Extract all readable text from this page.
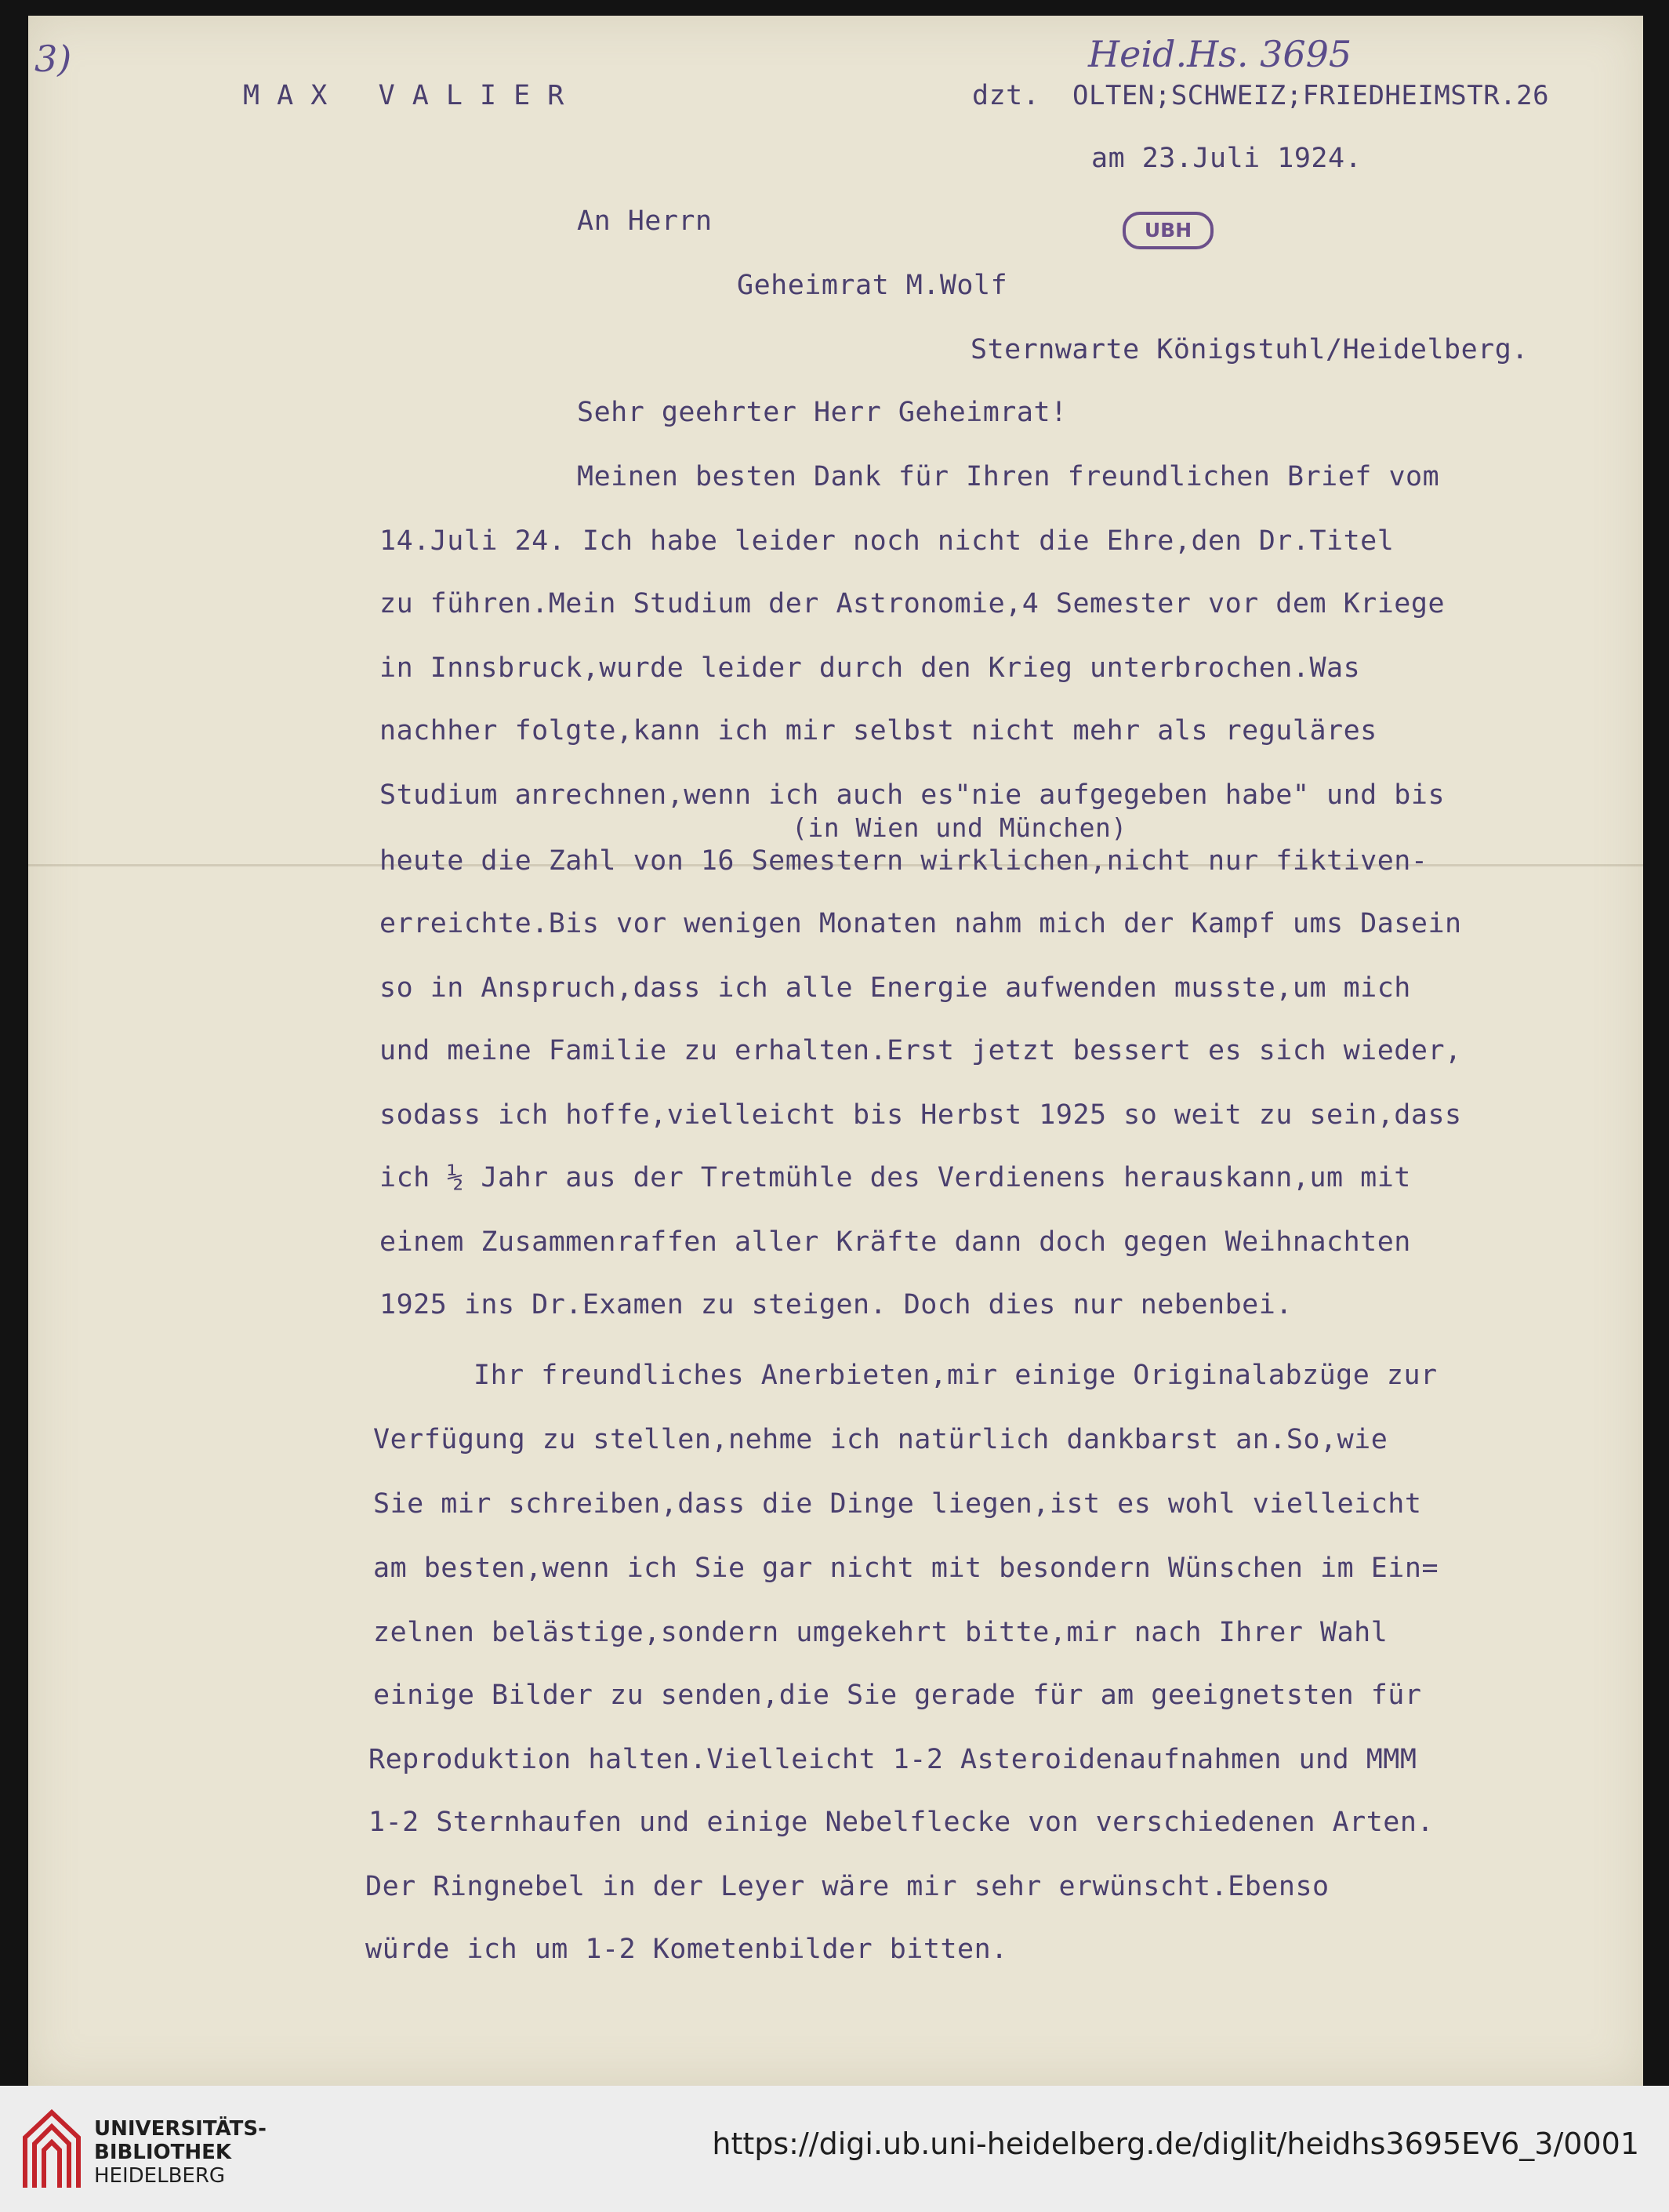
3)	Heid.Hs. 3695
UBH
M A X   V A L I E R	dzt. OLTEN;SCHWEIZ;FRIEDHEIMSTR.26
am 23.Juli 1924.
An Herrn
Geheimrat M.Wolf
Sternwarte Königstuhl/Heidelberg.
Sehr geehrter Herr Geheimrat!
Meinen besten Dank für Ihren freundlichen Brief vom
14.Juli 24. Ich habe leider noch nicht die Ehre,den Dr.Titel
zu führen.Mein Studium der Astronomie,4 Semester vor dem Kriege
in Innsbruck,wurde leider durch den Krieg unterbrochen.Was
nachher folgte,kann ich mir selbst nicht mehr als reguläres
Studium anrechnen,wenn ich auch es"nie aufgegeben habe" und bis
(in Wien und München)
heute die Zahl von 16 Semestern wirklichen,nicht nur fiktiven-
erreichte.Bis vor wenigen Monaten nahm mich der Kampf ums Dasein
so in Anspruch,dass ich alle Energie aufwenden musste,um mich
und meine Familie zu erhalten.Erst jetzt bessert es sich wieder,
sodass ich hoffe,vielleicht bis Herbst 1925 so weit zu sein,dass
ich ½ Jahr aus der Tretmühle des Verdienens herauskann,um mit
einem Zusammenraffen aller Kräfte dann doch gegen Weihnachten
1925 ins Dr.Examen zu steigen. Doch dies nur nebenbei.
Ihr freundliches Anerbieten,mir einige Originalabzüge zur
Verfügung zu stellen,nehme ich natürlich dankbarst an.So,wie
Sie mir schreiben,dass die Dinge liegen,ist es wohl vielleicht
am besten,wenn ich Sie gar nicht mit besondern Wünschen im Ein=
zelnen belästige,sondern umgekehrt bitte,mir nach Ihrer Wahl
einige Bilder zu senden,die Sie gerade für am geeignetsten für
Reproduktion halten.Vielleicht 1-2 Asteroidenaufnahmen und MMM
1-2 Sternhaufen und einige Nebelflecke von verschiedenen Arten.
Der Ringnebel in der Leyer wäre mir sehr erwünscht.Ebenso
würde ich um 1-2 Kometenbilder bitten.
UNIVERSITÄTS-
BIBLIOTHEK
HEIDELBERG
https://digi.ub.uni-heidelberg.de/diglit/heidhs3695EV6_3/0001
